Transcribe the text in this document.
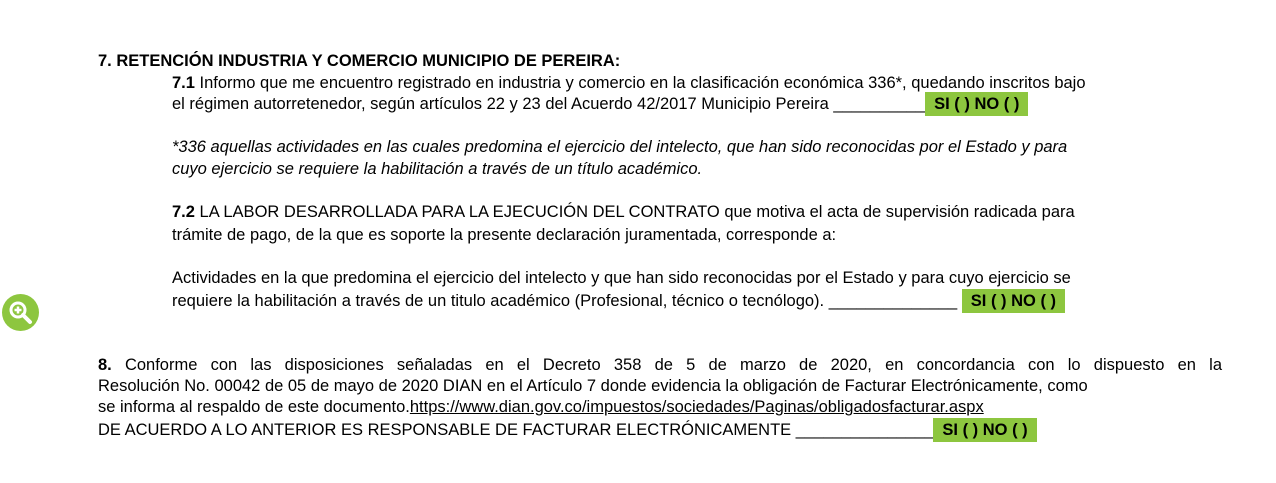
7. RETENCIÓN INDUSTRIA Y COMERCIO MUNICIPIO DE PEREIRA:
7.1 Informo que me encuentro registrado en industria y comercio en la clasificación económica 336*, quedando inscritos bajo
el régimen autorretenedor, según artículos 22 y 23 del Acuerdo 42/2017 Municipio Pereira __________ SI ( ) NO ( )
*336 aquellas actividades en las cuales predomina el ejercicio del intelecto, que han sido reconocidas por el Estado y para
cuyo ejercicio se requiere la habilitación a través de un título académico.
7.2 LA LABOR DESARROLLADA PARA LA EJECUCIÓN DEL CONTRATO que motiva el acta de supervisión radicada para
trámite de pago, de la que es soporte la presente declaración juramentada, corresponde a:
Actividades en la que predomina el ejercicio del intelecto y que han sido reconocidas por el Estado y para cuyo ejercicio se
requiere la habilitación a través de un titulo académico (Profesional, técnico o tecnólogo). ______________ SI ( ) NO ( )
8. Conforme con las disposiciones señaladas en el Decreto 358 de 5 de marzo de 2020, en concordancia con lo dispuesto en la
Resolución No. 00042 de 05 de mayo de 2020 DIAN en el Artículo 7 donde evidencia la obligación de Facturar Electrónicamente, como
se informa al respaldo de este documento.https://www.dian.gov.co/impuestos/sociedades/Paginas/obligadosfacturar.aspx
DE ACUERDO A LO ANTERIOR ES RESPONSABLE DE FACTURAR ELECTRÓNICAMENTE _______________ SI ( ) NO ( )
